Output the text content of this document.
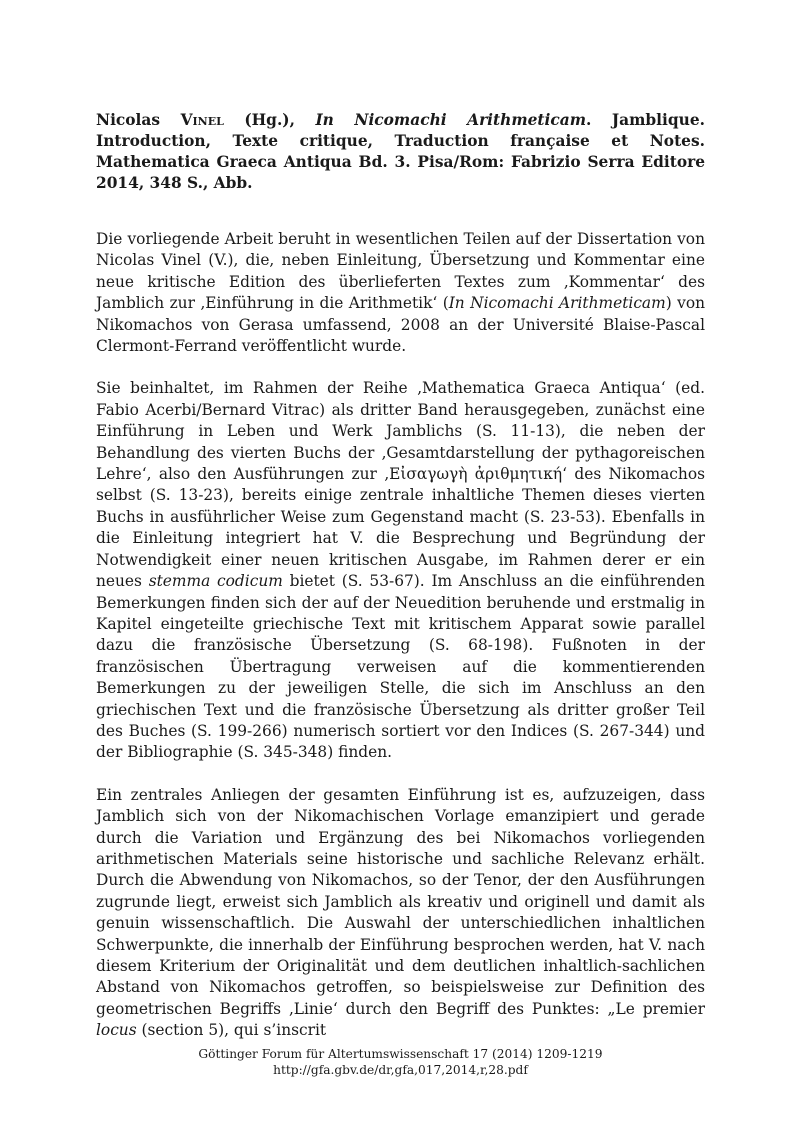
Nicolas Vinel (Hg.), In Nicomachi Arithmeticam. Jamblique. Introduction, Texte critique, Traduction française et Notes. Mathematica Graeca Antiqua Bd. 3. Pisa/Rom: Fabrizio Serra Editore 2014, 348 S., Abb.

Die vorliegende Arbeit beruht in wesentlichen Teilen auf der Dissertation von Nicolas Vinel (V.), die, neben Einleitung, Übersetzung und Kommentar eine neue kritische Edition des überlieferten Textes zum ‚Kommentar‘ des Jamblich zur ‚Einführung in die Arithmetik‘ (In Nicomachi Arithmeticam) von Nikomachos von Gerasa umfassend, 2008 an der Université Blaise-Pascal Clermont-Ferrand veröffentlicht wurde.

Sie beinhaltet, im Rahmen der Reihe ‚Mathematica Graeca Antiqua‘ (ed. Fabio Acerbi/Bernard Vitrac) als dritter Band herausgegeben, zunächst eine Einführung in Leben und Werk Jamblichs (S. 11-13), die neben der Behandlung des vierten Buchs der ‚Gesamtdarstellung der pythagoreischen Lehre‘, also den Ausführungen zur ‚Εἰσαγωγὴ ἀριθμητική‘ des Nikomachos selbst (S. 13-23), bereits einige zentrale inhaltliche Themen dieses vierten Buchs in ausführlicher Weise zum Gegenstand macht (S. 23-53). Ebenfalls in die Einleitung integriert hat V. die Besprechung und Begründung der Notwendigkeit einer neuen kritischen Ausgabe, im Rahmen derer er ein neues stemma codicum bietet (S. 53-67). Im Anschluss an die einführenden Bemerkungen finden sich der auf der Neuedition beruhende und erstmalig in Kapitel eingeteilte griechische Text mit kritischem Apparat sowie parallel dazu die französische Übersetzung (S. 68-198). Fußnoten in der französischen Übertragung verweisen auf die kommentierenden Bemerkungen zu der jeweiligen Stelle, die sich im Anschluss an den griechischen Text und die französische Übersetzung als dritter großer Teil des Buches (S. 199-266) numerisch sortiert vor den Indices (S. 267-344) und der Bibliographie (S. 345-348) finden.

Ein zentrales Anliegen der gesamten Einführung ist es, aufzuzeigen, dass Jamblich sich von der Nikomachischen Vorlage emanzipiert und gerade durch die Variation und Ergänzung des bei Nikomachos vorliegenden arithmetischen Materials seine historische und sachliche Relevanz erhält. Durch die Abwendung von Nikomachos, so der Tenor, der den Ausführungen zugrunde liegt, erweist sich Jamblich als kreativ und originell und damit als genuin wissenschaftlich. Die Auswahl der unterschiedlichen inhaltlichen Schwerpunkte, die innerhalb der Einführung besprochen werden, hat V. nach diesem Kriterium der Originalität und dem deutlichen inhaltlich-sachlichen Abstand von Nikomachos getroffen, so beispielsweise zur Definition des geometrischen Begriffs ‚Linie‘ durch den Begriff des Punktes: „Le premier locus (section 5), qui s’inscrit

Göttinger Forum für Altertumswissenschaft 17 (2014) 1209-1219
http://gfa.gbv.de/dr,gfa,017,2014,r,28.pdf
